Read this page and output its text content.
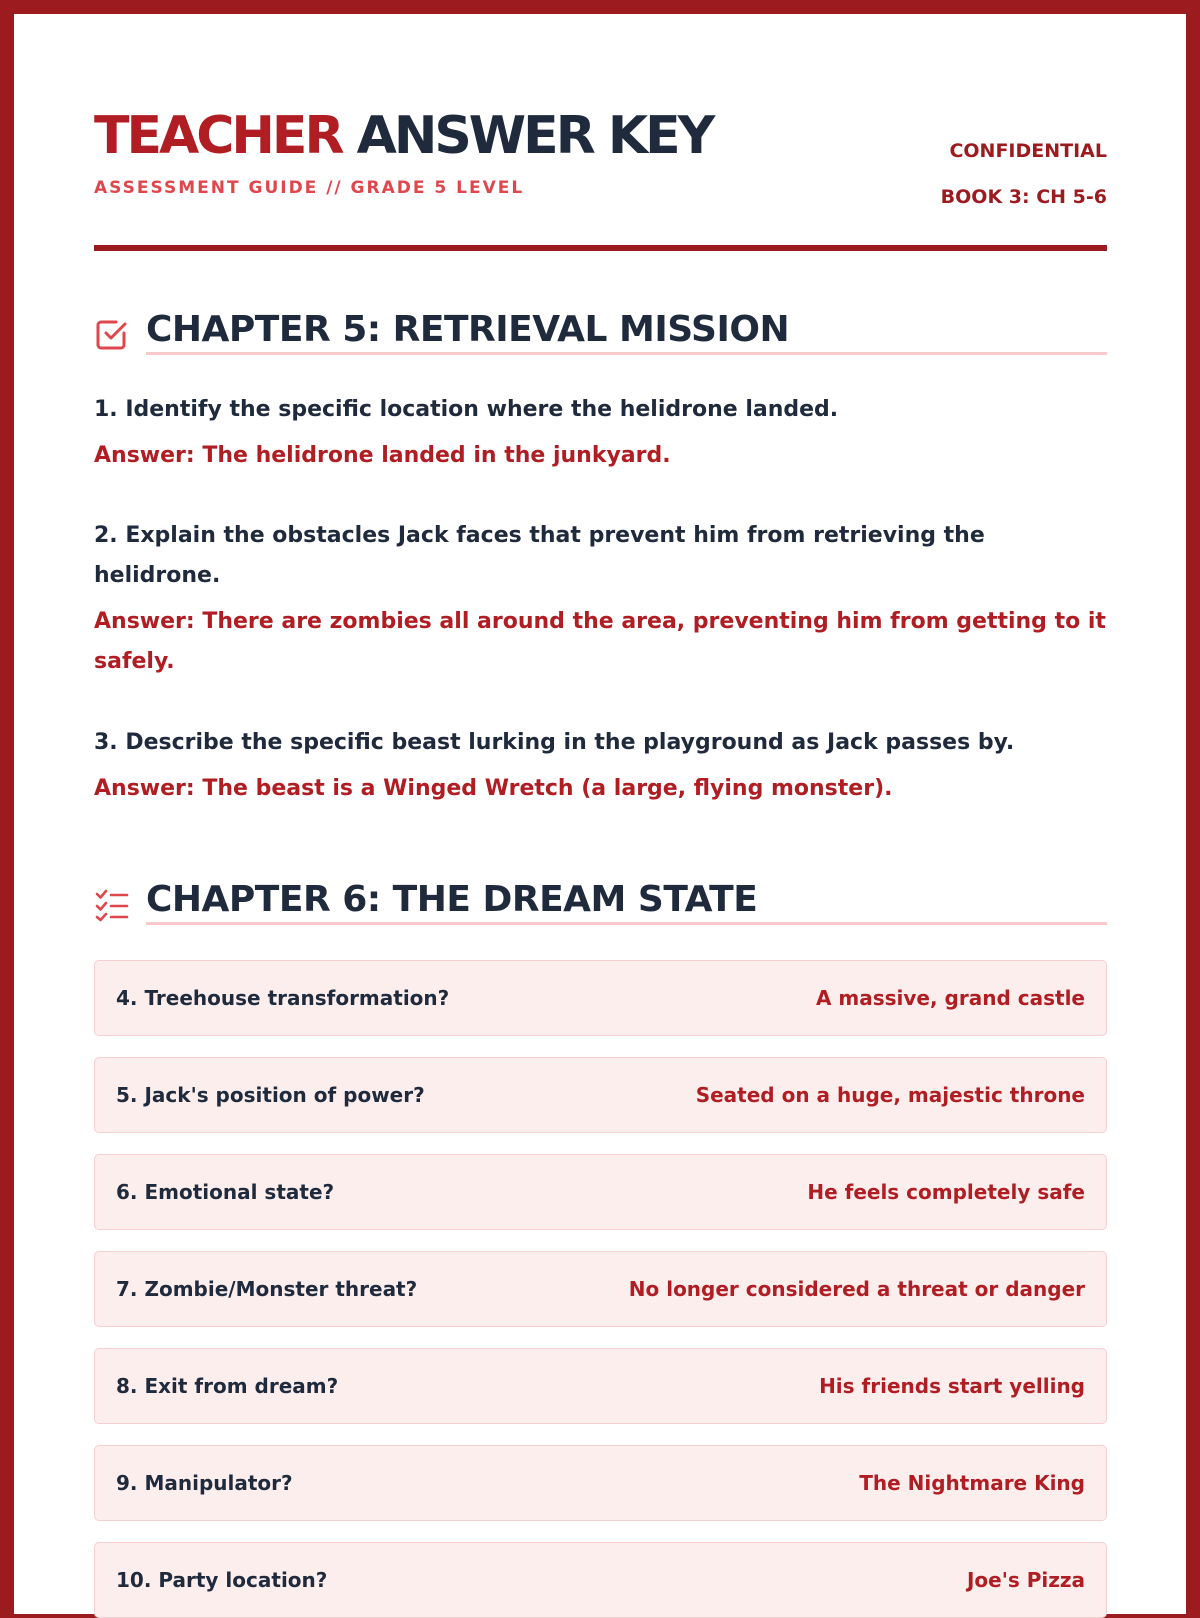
TEACHER ANSWER KEY
ASSESSMENT GUIDE // GRADE 5 LEVEL
CONFIDENTIAL
BOOK 3: CH 5-6
CHAPTER 5: RETRIEVAL MISSION
1. Identify the specific location where the helidrone landed.
Answer: The helidrone landed in the junkyard.
2. Explain the obstacles Jack faces that prevent him from retrieving the helidrone.
Answer: There are zombies all around the area, preventing him from getting to it safely.
3. Describe the specific beast lurking in the playground as Jack passes by.
Answer: The beast is a Winged Wretch (a large, flying monster).
CHAPTER 6: THE DREAM STATE
4. Treehouse transformation?	A massive, grand castle
5. Jack's position of power?	Seated on a huge, majestic throne
6. Emotional state?	He feels completely safe
7. Zombie/Monster threat?	No longer considered a threat or danger
8. Exit from dream?	His friends start yelling
9. Manipulator?	The Nightmare King
10. Party location?	Joe's Pizza
